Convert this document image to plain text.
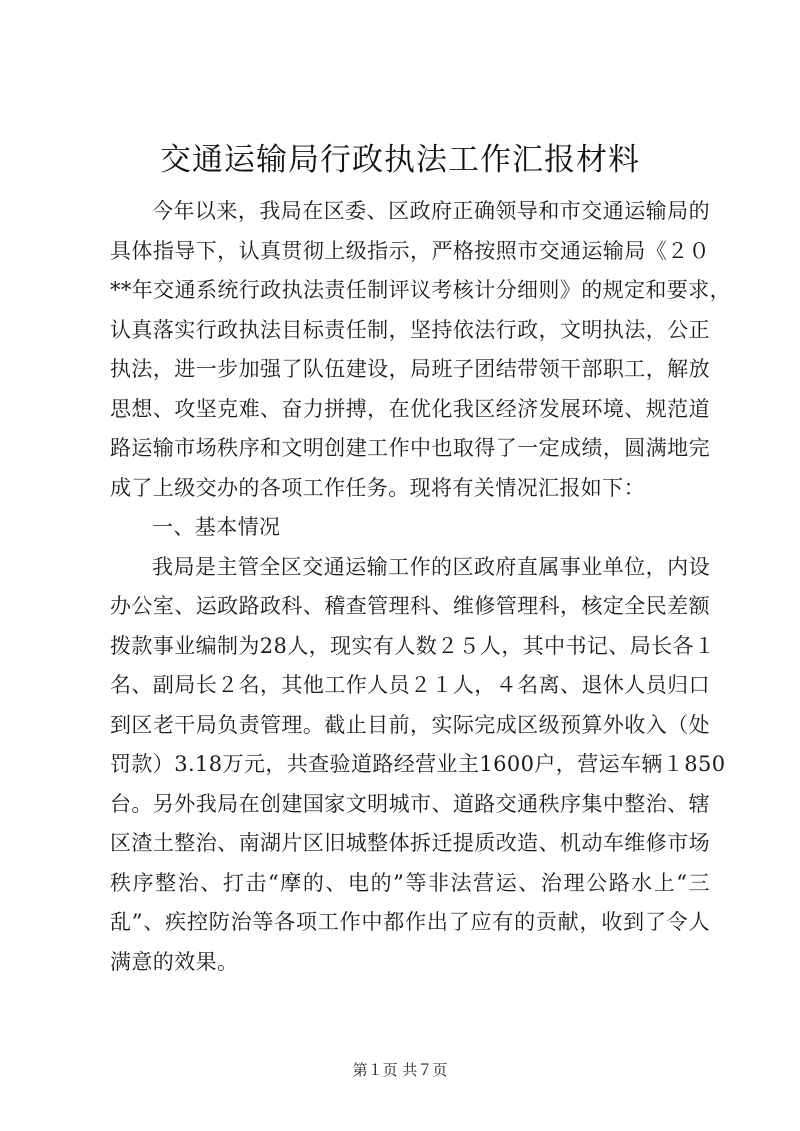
交通运输局行政执法工作汇报材料
今年以来，我局在区委、区政府正确领导和市交通运输局的
具体指导下，认真贯彻上级指示，严格按照市交通运输局《２０
**年交通系统行政执法责任制评议考核计分细则》的规定和要求，
认真落实行政执法目标责任制，坚持依法行政，文明执法，公正
执法，进一步加强了队伍建设，局班子团结带领干部职工，解放
思想、攻坚克难、奋力拼搏，在优化我区经济发展环境、规范道
路运输市场秩序和文明创建工作中也取得了一定成绩，圆满地完
成了上级交办的各项工作任务。现将有关情况汇报如下：
一、基本情况
我局是主管全区交通运输工作的区政府直属事业单位，内设
办公室、运政路政科、稽查管理科、维修管理科，核定全民差额
拨款事业编制为28人，现实有人数２５人，其中书记、局长各１
名、副局长２名，其他工作人员２１人，４名离、退休人员归口
到区老干局负责管理。截止目前，实际完成区级预算外收入（处
罚款）3.18万元，共查验道路经营业主1600户，营运车辆１850
台。另外我局在创建国家文明城市、道路交通秩序集中整治、辖
区渣土整治、南湖片区旧城整体拆迁提质改造、机动车维修市场
秩序整治、打击“摩的、电的”等非法营运、治理公路水上“三
乱”、疾控防治等各项工作中都作出了应有的贡献，收到了令人
满意的效果。
第１页 共７页
